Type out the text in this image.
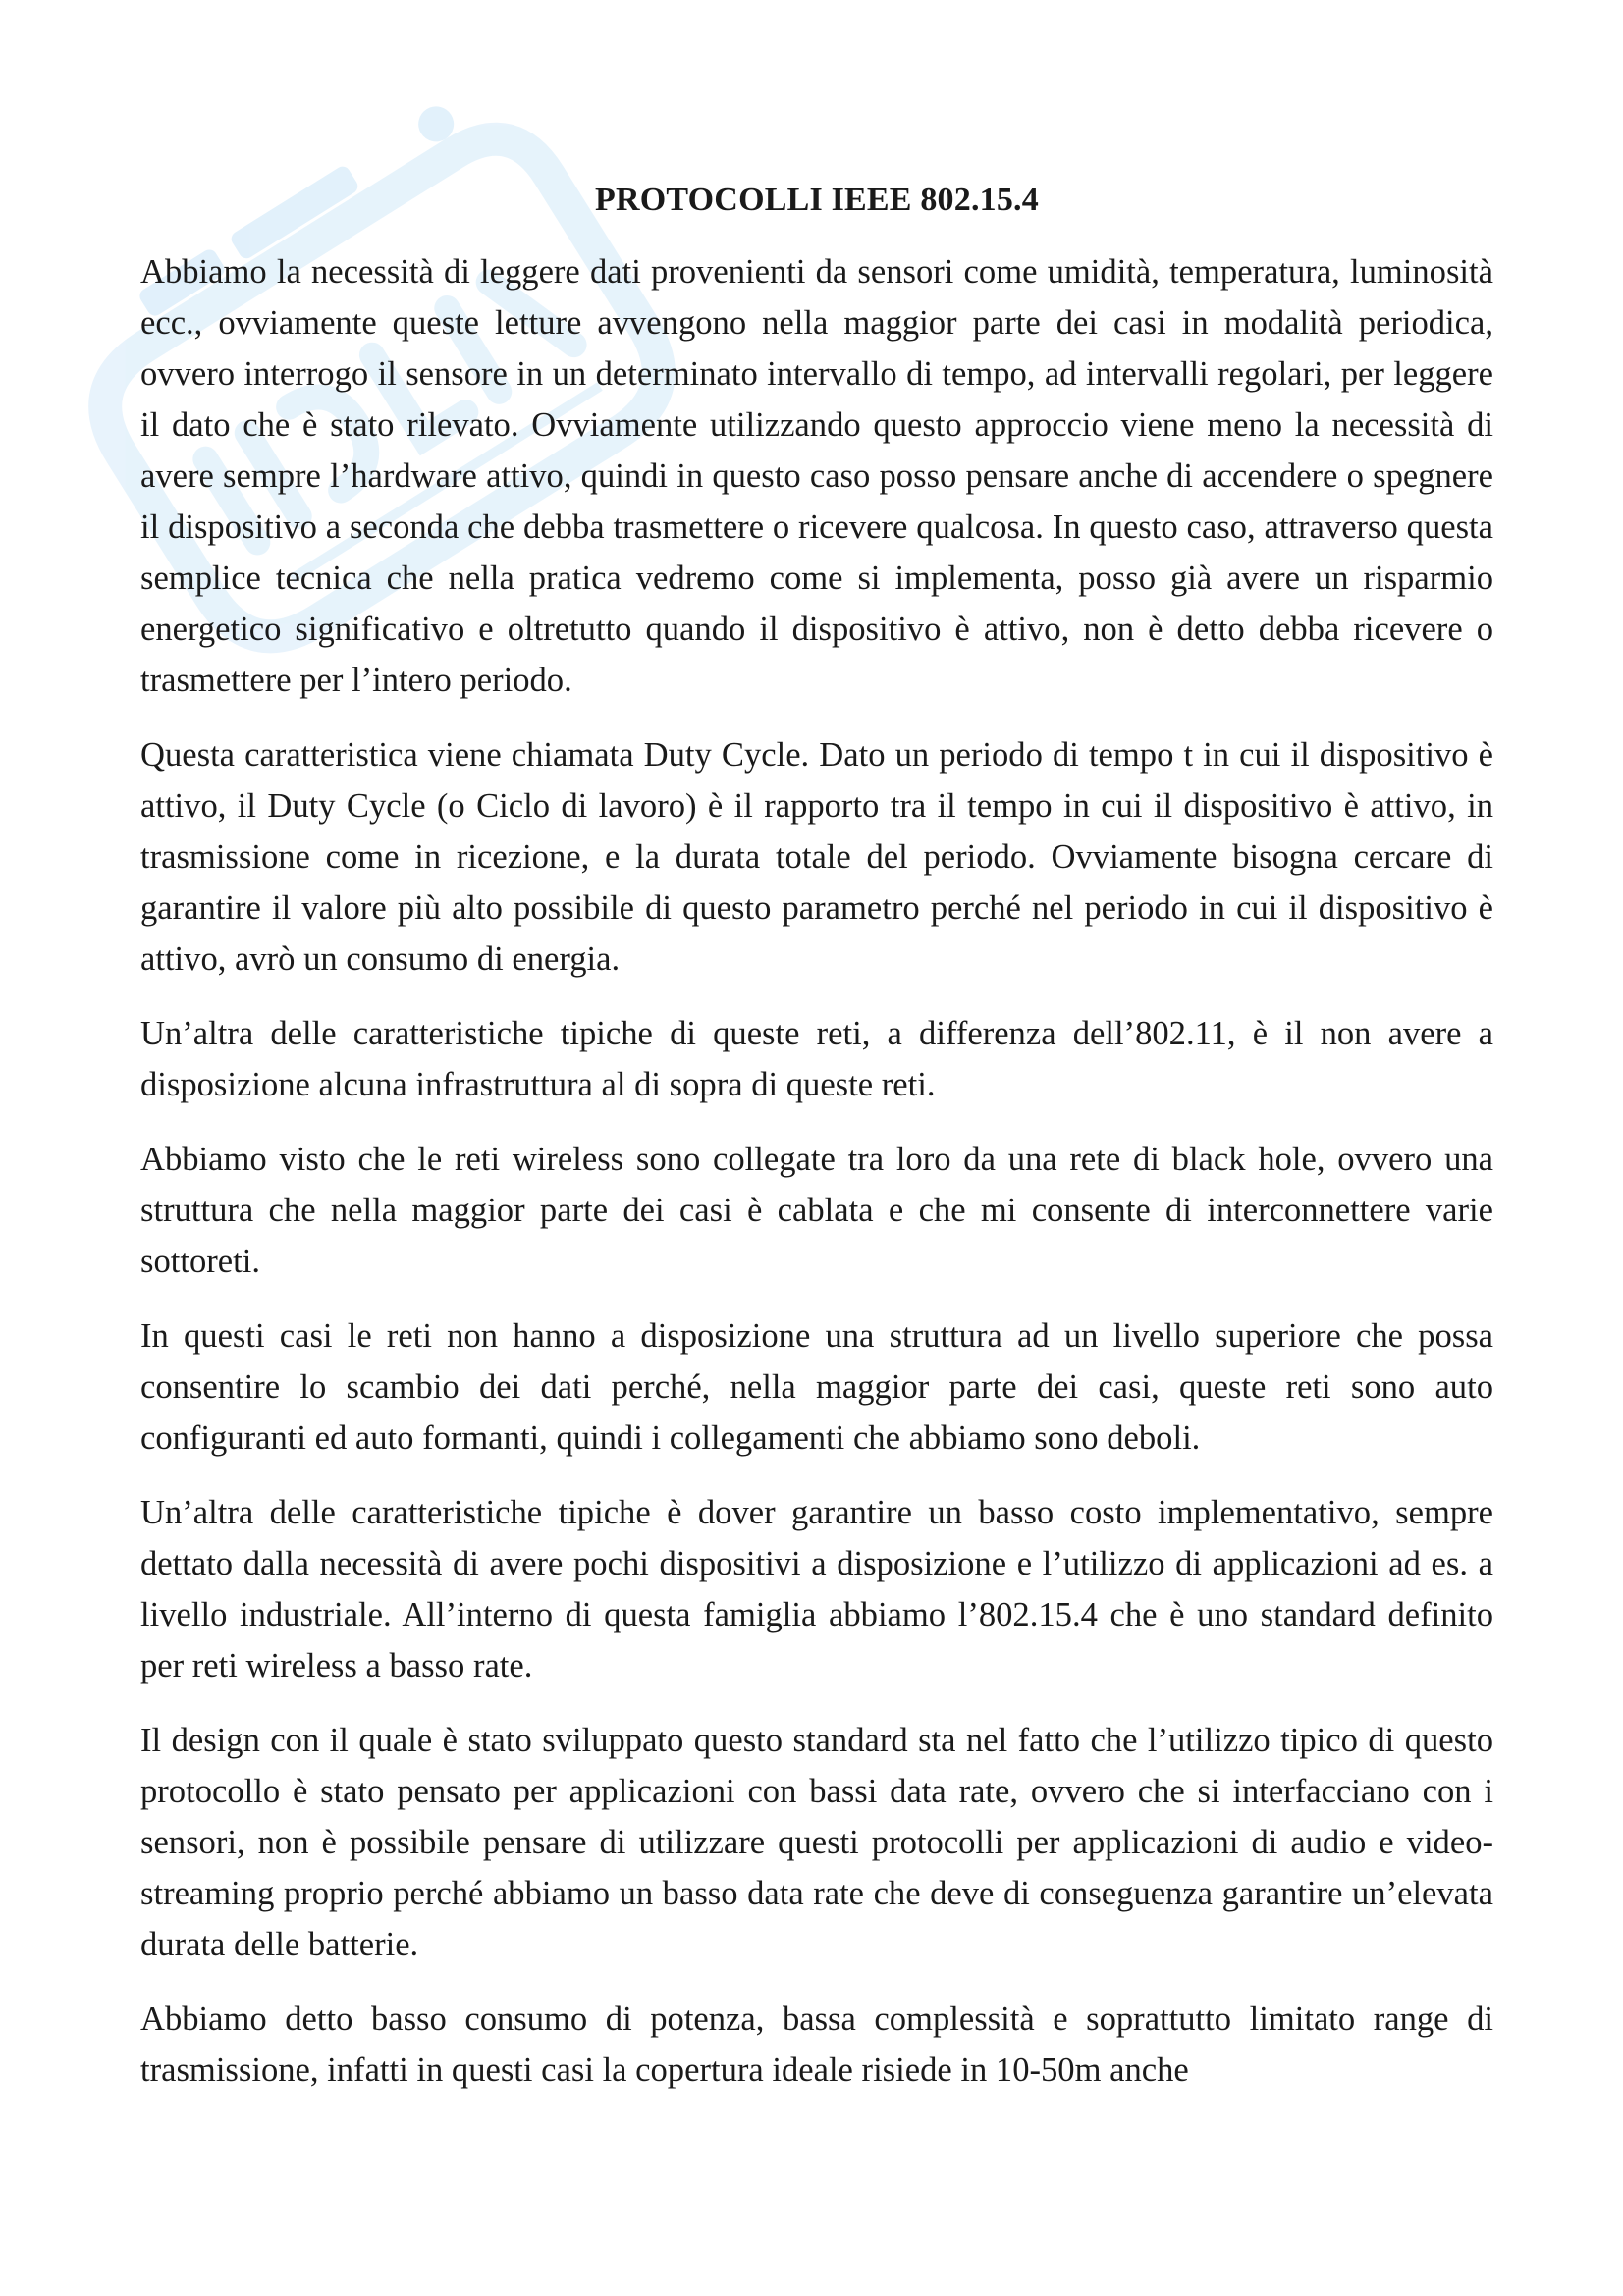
PROTOCOLLI IEEE 802.15.4

Abbiamo la necessità di leggere dati provenienti da sensori come umidità, temperatura, luminosità ecc., ovviamente queste letture avvengono nella maggior parte dei casi in modalità periodica, ovvero interrogo il sensore in un determinato intervallo di tempo, ad intervalli regolari, per leggere il dato che è stato rilevato. Ovviamente utilizzando questo approccio viene meno la necessità di avere sempre l’hardware attivo, quindi in questo caso posso pensare anche di accendere o spegnere il dispositivo a seconda che debba trasmettere o ricevere qualcosa. In questo caso, attraverso questa semplice tecnica che nella pratica vedremo come si implementa, posso già avere un risparmio energetico significativo e oltretutto quando il dispositivo è attivo, non è detto debba ricevere o trasmettere per l’intero periodo.

Questa caratteristica viene chiamata Duty Cycle. Dato un periodo di tempo t in cui il dispositivo è attivo, il Duty Cycle (o Ciclo di lavoro) è il rapporto tra il tempo in cui il dispositivo è attivo, in trasmissione come in ricezione, e la durata totale del periodo. Ovviamente bisogna cercare di garantire il valore più alto possibile di questo parametro perché nel periodo in cui il dispositivo è attivo, avrò un consumo di energia.

Un’altra delle caratteristiche tipiche di queste reti, a differenza dell’802.11, è il non avere a disposizione alcuna infrastruttura al di sopra di queste reti.

Abbiamo visto che le reti wireless sono collegate tra loro da una rete di black hole, ovvero una struttura che nella maggior parte dei casi è cablata e che mi consente di interconnettere varie sottoreti.

In questi casi le reti non hanno a disposizione una struttura ad un livello superiore che possa consentire lo scambio dei dati perché, nella maggior parte dei casi, queste reti sono auto configuranti ed auto formanti, quindi i collegamenti che abbiamo sono deboli.

Un’altra delle caratteristiche tipiche è dover garantire un basso costo implementativo, sempre dettato dalla necessità di avere pochi dispositivi a disposizione e l’utilizzo di applicazioni ad es. a livello industriale. All’interno di questa famiglia abbiamo l’802.15.4 che è uno standard definito per reti wireless a basso rate.

Il design con il quale è stato sviluppato questo standard sta nel fatto che l’utilizzo tipico di questo protocollo è stato pensato per applicazioni con bassi data rate, ovvero che si interfacciano con i sensori, non è possibile pensare di utilizzare questi protocolli per applicazioni di audio e video-streaming proprio perché abbiamo un basso data rate che deve di conseguenza garantire un’elevata durata delle batterie.

Abbiamo detto basso consumo di potenza, bassa complessità e soprattutto limitato range di trasmissione, infatti in questi casi la copertura ideale risiede in 10-50m anche
